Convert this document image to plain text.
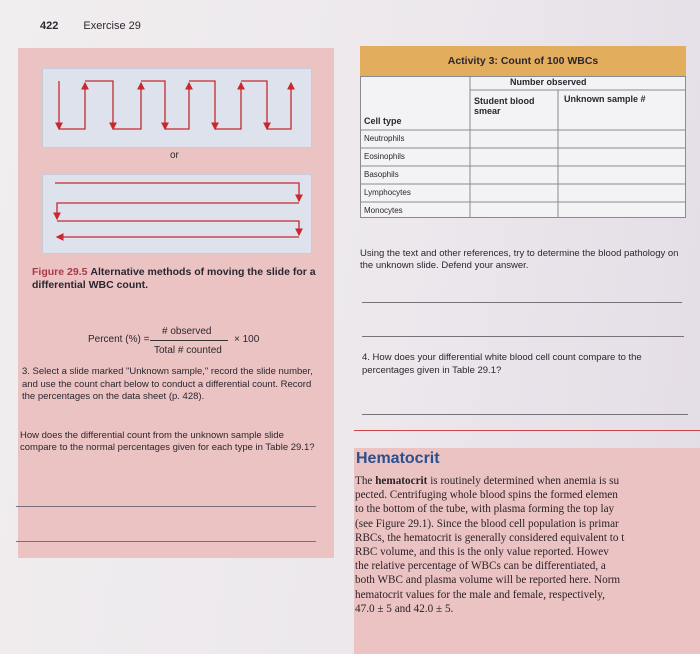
422 Exercise 29
or
Figure 29.5 Alternative methods of moving the slide for a differential WBC count.
Percent (%) =
# observed
Total # counted
× 100
3. Select a slide marked "Unknown sample," record the slide number, and use the count chart below to conduct a differential count. Record the percentages on the data sheet (p. 428).
How does the differential count from the unknown sample slide compare to the normal percentages given for each type in Table 29.1?
Activity 3: Count of 100 WBCs
Number observed
Cell type
Student blood smear
Unknown sample #
Neutrophils
Eosinophils
Basophils
Lymphocytes
Monocytes
Using the text and other references, try to determine the blood pathology on the unknown slide. Defend your answer.
4. How does your differential white blood cell count compare to the percentages given in Table 29.1?
Hematocrit
The hematocrit is routinely determined when anemia is su
pected. Centrifuging whole blood spins the formed elemen
to the bottom of the tube, with plasma forming the top lay
(see Figure 29.1). Since the blood cell population is primar
RBCs, the hematocrit is generally considered equivalent to t
RBC volume, and this is the only value reported. Howev
the relative percentage of WBCs can be differentiated, a
both WBC and plasma volume will be reported here. Norm
hematocrit values for the male and female, respectively,
47.0 ± 5 and 42.0 ± 5.
